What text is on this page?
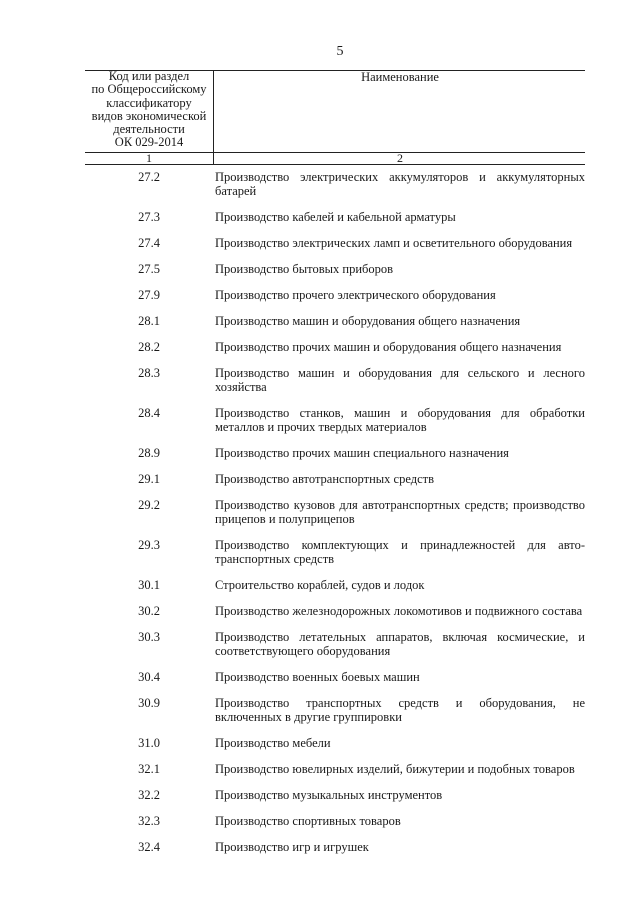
5
Код или раздел
по Общероссийскому
классификатору
видов экономической
деятельности
ОК 029-2014
Наименование
1	2
27.2	Производство электрических аккумуляторов и аккумуляторных батарей
27.3	Производство кабелей и кабельной арматуры
27.4	Производство электрических ламп и осветительного оборудования
27.5	Производство бытовых приборов
27.9	Производство прочего электрического оборудования
28.1	Производство машин и оборудования общего назначения
28.2	Производство прочих машин и оборудования общего назначения
28.3	Производство машин и оборудования для сельского и лесного хозяйства
28.4	Производство станков, машин и оборудования для обработки металлов и прочих твердых материалов
28.9	Производство прочих машин специального назначения
29.1	Производство автотранспортных средств
29.2	Производство кузовов для автотранспортных средств; производство прицепов и полуприцепов
29.3	Производство комплектующих и принадлежностей для авто-транспортных средств
30.1	Строительство кораблей, судов и лодок
30.2	Производство железнодорожных локомотивов и подвижного состава
30.3	Производство летательных аппаратов, включая космические, и соответствующего оборудования
30.4	Производство военных боевых машин
30.9	Производство транспортных средств и оборудования, не включенных в другие группировки
31.0	Производство мебели
32.1	Производство ювелирных изделий, бижутерии и подобных товаров
32.2	Производство музыкальных инструментов
32.3	Производство спортивных товаров
32.4	Производство игр и игрушек
